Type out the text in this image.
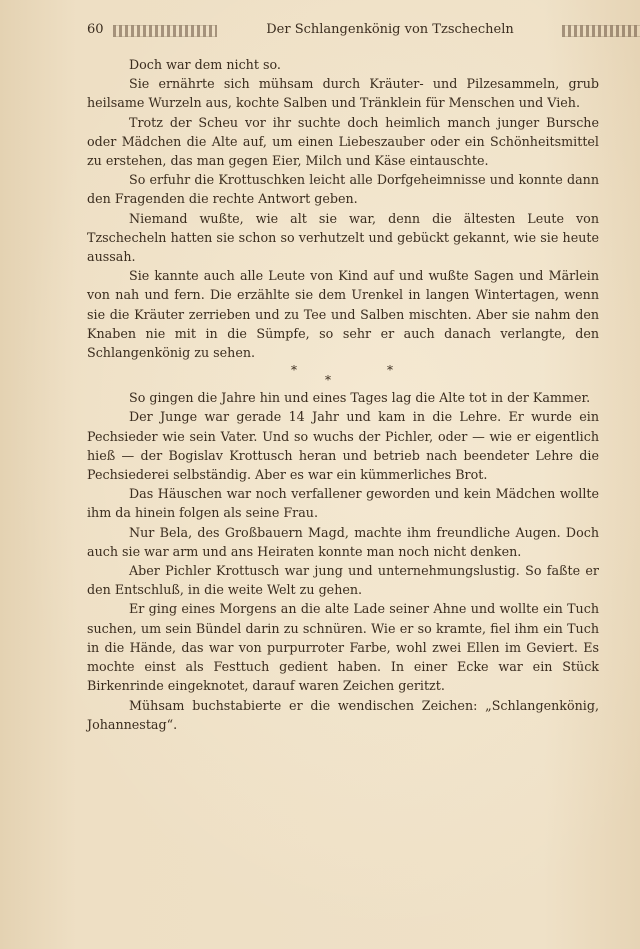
60	Der Schlangenkönig von Tzschecheln

Doch war dem nicht so.

Sie ernährte sich mühsam durch Kräuter- und Pilzesammeln, grub heilsame Wurzeln aus, kochte Salben und Tränklein für Menschen und Vieh.

Trotz der Scheu vor ihr suchte doch heimlich manch junger Bursche oder Mädchen die Alte auf, um einen Liebeszauber oder ein Schönheitsmittel zu erstehen, das man gegen Eier, Milch und Käse eintauschte.

So erfuhr die Krottuschken leicht alle Dorfgeheimnisse und konnte dann den Fragenden die rechte Antwort geben.

Niemand wußte, wie alt sie war, denn die ältesten Leute von Tzschecheln hatten sie schon so verhutzelt und gebückt gekannt, wie sie heute aussah.

Sie kannte auch alle Leute von Kind auf und wußte Sagen und Märlein von nah und fern. Die erzählte sie dem Urenkel in langen Wintertagen, wenn sie die Kräuter zerrieben und zu Tee und Salben mischten. Aber sie nahm den Knaben nie mit in die Sümpfe, so sehr er auch danach verlangte, den Schlangenkönig zu sehen.

*
*
*

So gingen die Jahre hin und eines Tages lag die Alte tot in der Kammer.

Der Junge war gerade 14 Jahr und kam in die Lehre. Er wurde ein Pechsieder wie sein Vater. Und so wuchs der Pichler, oder — wie er eigentlich hieß — der Bogislav Krottusch heran und betrieb nach beendeter Lehre die Pechsiederei selbständig. Aber es war ein kümmerliches Brot.

Das Häuschen war noch verfallener geworden und kein Mädchen wollte ihm da hinein folgen als seine Frau.

Nur Bela, des Großbauern Magd, machte ihm freundliche Augen. Doch auch sie war arm und ans Heiraten konnte man noch nicht denken.

Aber Pichler Krottusch war jung und unternehmungslustig. So faßte er den Entschluß, in die weite Welt zu gehen.

Er ging eines Morgens an die alte Lade seiner Ahne und wollte ein Tuch suchen, um sein Bündel darin zu schnüren. Wie er so kramte, fiel ihm ein Tuch in die Hände, das war von purpurroter Farbe, wohl zwei Ellen im Geviert. Es mochte einst als Festtuch gedient haben. In einer Ecke war ein Stück Birkenrinde eingeknotet, darauf waren Zeichen geritzt.

Mühsam buchstabierte er die wendischen Zeichen: „Schlangenkönig, Johannestag“.
